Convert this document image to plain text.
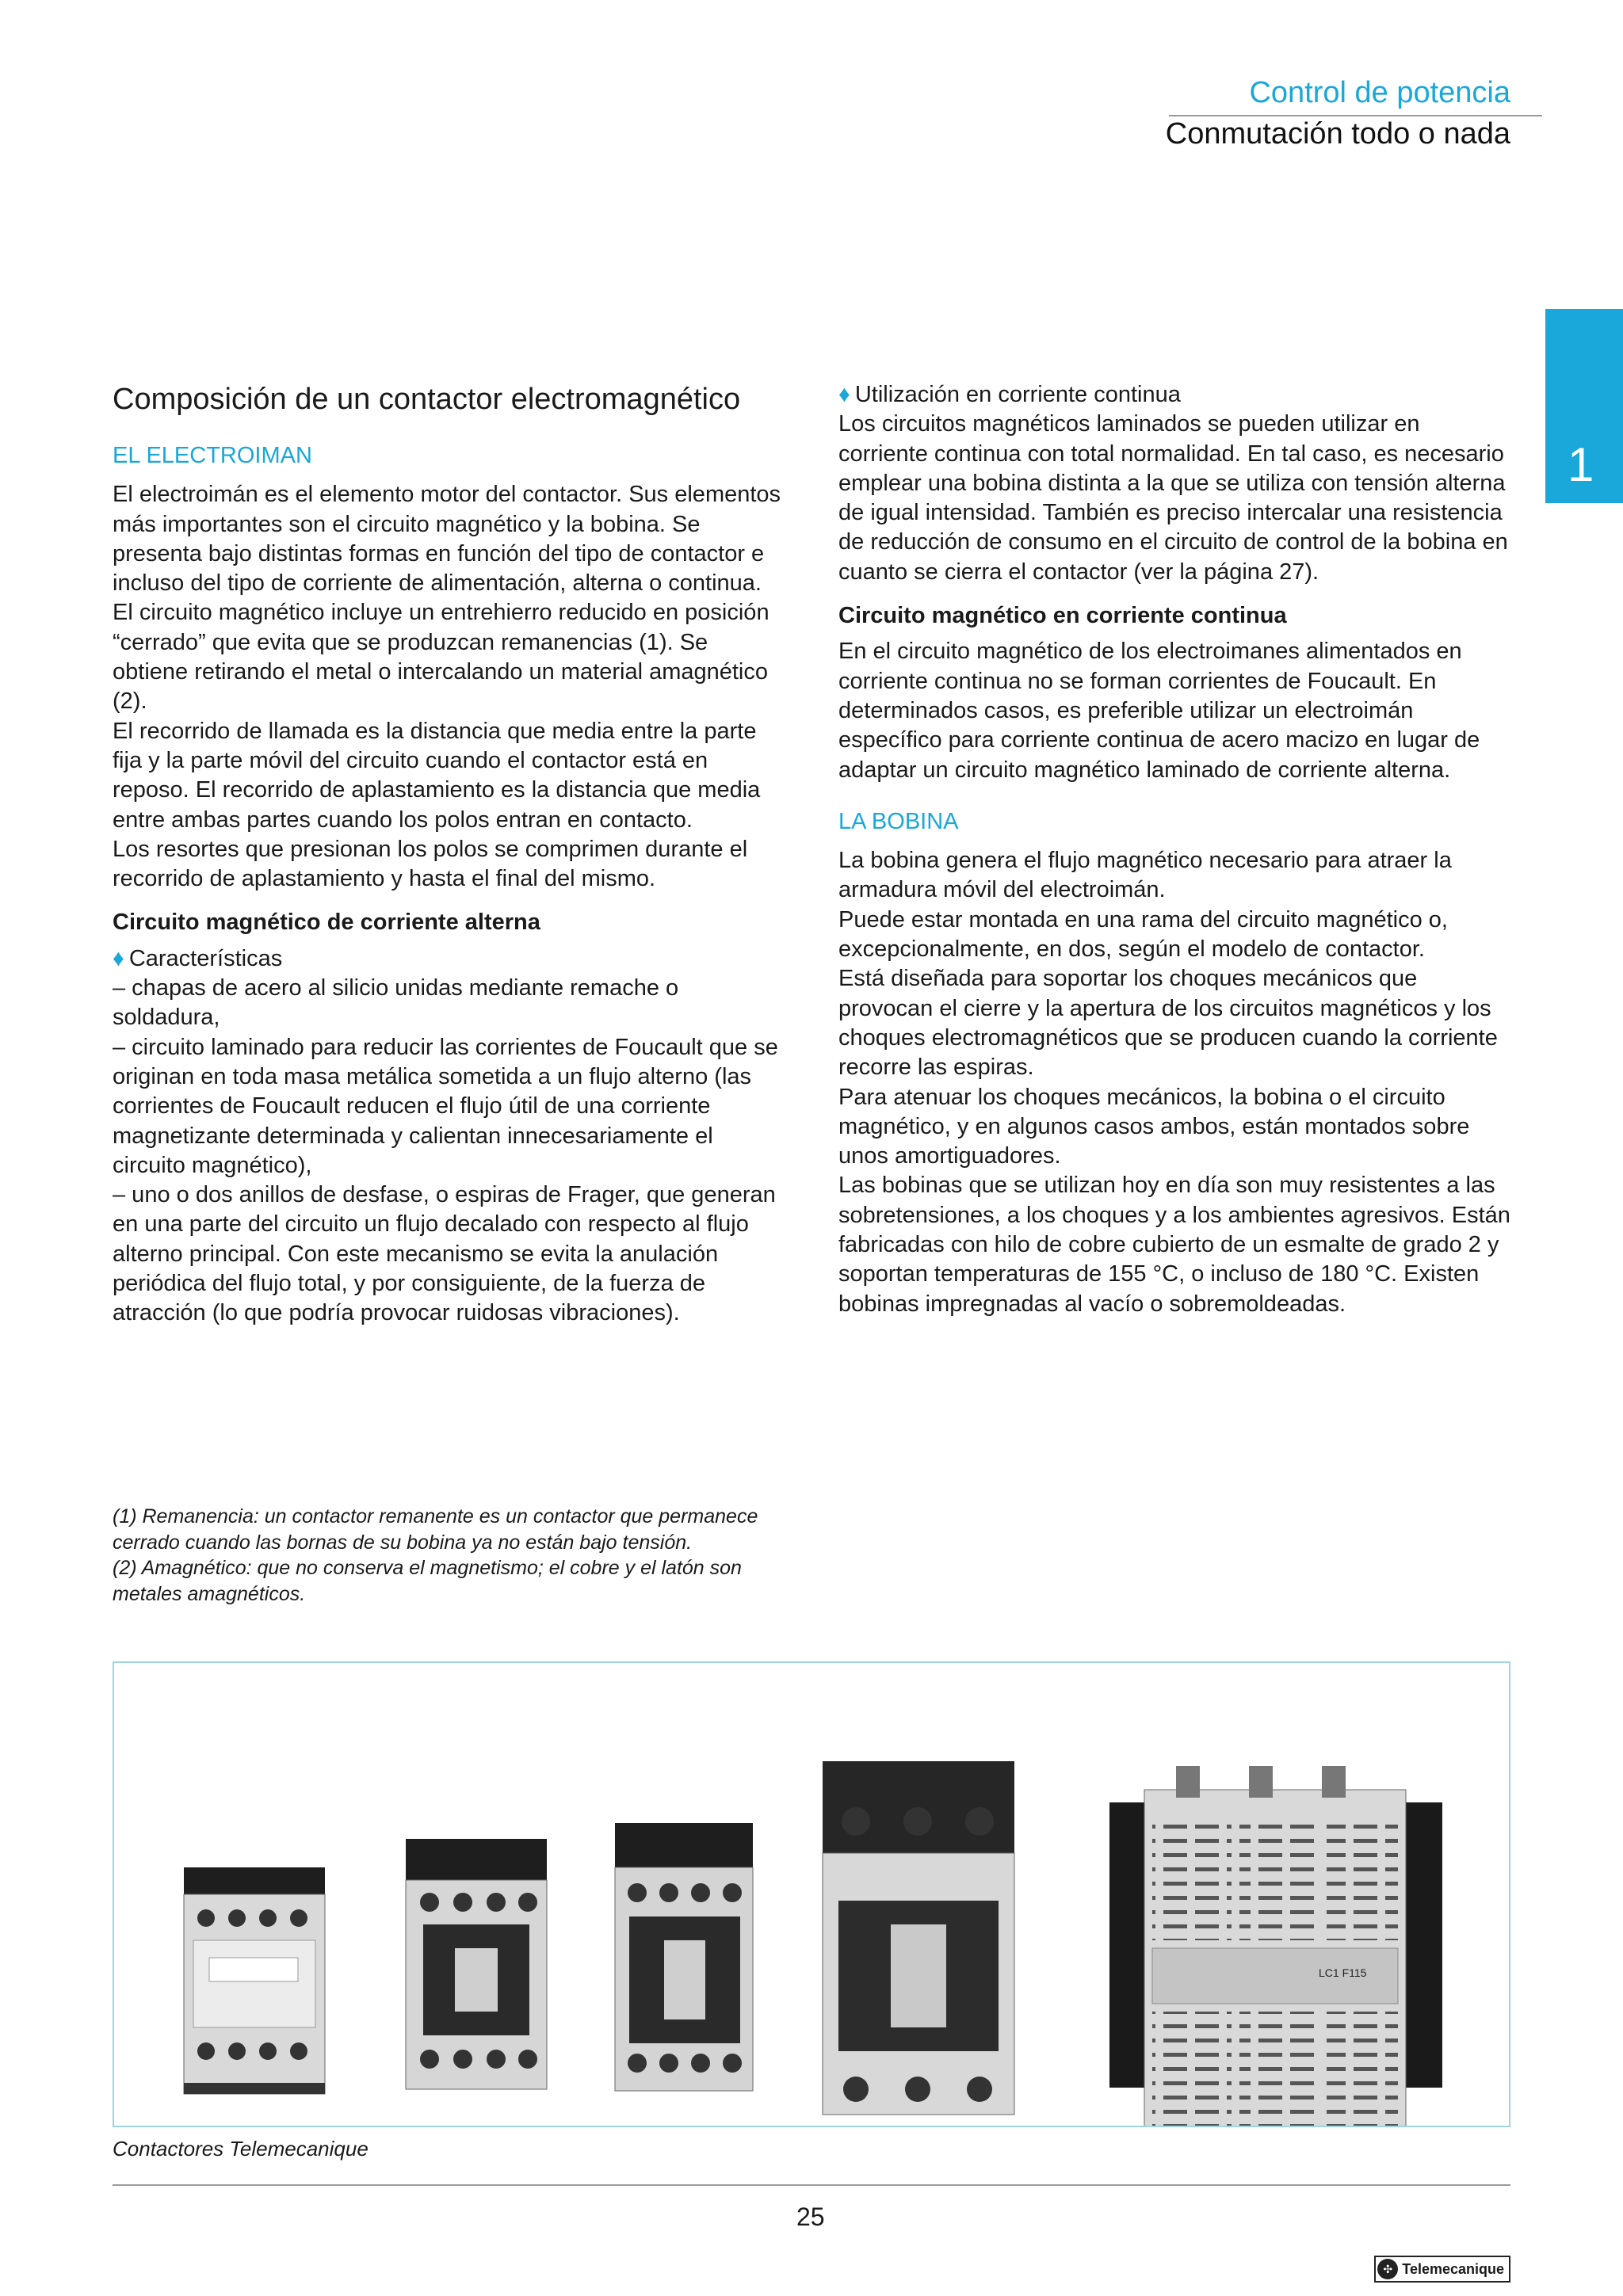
Control de potencia
Conmutación todo o nada
1
Composición de un contactor electromagnético
EL ELECTROIMAN

El electroimán es el elemento motor del contactor. Sus elementos más importantes son el circuito magnético y la bobina. Se presenta bajo distintas formas en función del tipo de contactor e incluso del tipo de corriente de alimentación, alterna o continua.

El circuito magnético incluye un entrehierro reducido en posición “cerrado” que evita que se produzcan remanencias (1). Se obtiene retirando el metal o intercalando un material amagnético (2).

El recorrido de llamada es la distancia que media entre la parte fija y la parte móvil del circuito cuando el contactor está en reposo. El recorrido de aplastamiento es la distancia que media entre ambas partes cuando los polos entran en contacto.

Los resortes que presionan los polos se comprimen durante el recorrido de aplastamiento y hasta el final del mismo.

Circuito magnético de corriente alterna

♦ Características

– chapas de acero al silicio unidas mediante remache o soldadura,

– circuito laminado para reducir las corrientes de Foucault que se originan en toda masa metálica sometida a un flujo alterno (las corrientes de Foucault reducen el flujo útil de una corriente magnetizante determinada y calientan innecesariamente el circuito magnético),

– uno o dos anillos de desfase, o espiras de Frager, que generan en una parte del circuito un flujo decalado con respecto al flujo alterno principal. Con este mecanismo se evita la anulación periódica del flujo total, y por consiguiente, de la fuerza de atracción (lo que podría provocar ruidosas vibraciones).

(1) Remanencia: un contactor remanente es un contactor que permanece cerrado cuando las bornas de su bobina ya no están bajo tensión.

(2) Amagnético: que no conserva el magnetismo; el cobre y el latón son metales amagnéticos.

♦ Utilización en corriente continua

Los circuitos magnéticos laminados se pueden utilizar en corriente continua con total normalidad. En tal caso, es necesario emplear una bobina distinta a la que se utiliza con tensión alterna de igual intensidad. También es preciso intercalar una resistencia de reducción de consumo en el circuito de control de la bobina en cuanto se cierra el contactor (ver la página 27).

Circuito magnético en corriente continua

En el circuito magnético de los electroimanes alimentados en corriente continua no se forman corrientes de Foucault. En determinados casos, es preferible utilizar un electroimán específico para corriente continua de acero macizo en lugar de adaptar un circuito magnético laminado de corriente alterna.

LA BOBINA

La bobina genera el flujo magnético necesario para atraer la armadura móvil del electroimán.

Puede estar montada en una rama del circuito magnético o, excepcionalmente, en dos, según el modelo de contactor.

Está diseñada para soportar los choques mecánicos que provocan el cierre y la apertura de los circuitos magnéticos y los choques electromagnéticos que se producen cuando la corriente recorre las espiras.

Para atenuar los choques mecánicos, la bobina o el circuito magnético, y en algunos casos ambos, están montados sobre unos amortiguadores.

Las bobinas que se utilizan hoy en día son muy resistentes a las sobretensiones, a los choques y a los ambientes agresivos. Están fabricadas con hilo de cobre cubierto de un esmalte de grado 2 y soportan temperaturas de 155 °C, o incluso de 180 °C. Existen bobinas impregnadas al vacío o sobremoldeadas.

LC1 F115
Contactores Telemecanique
25
✣ Telemecanique
